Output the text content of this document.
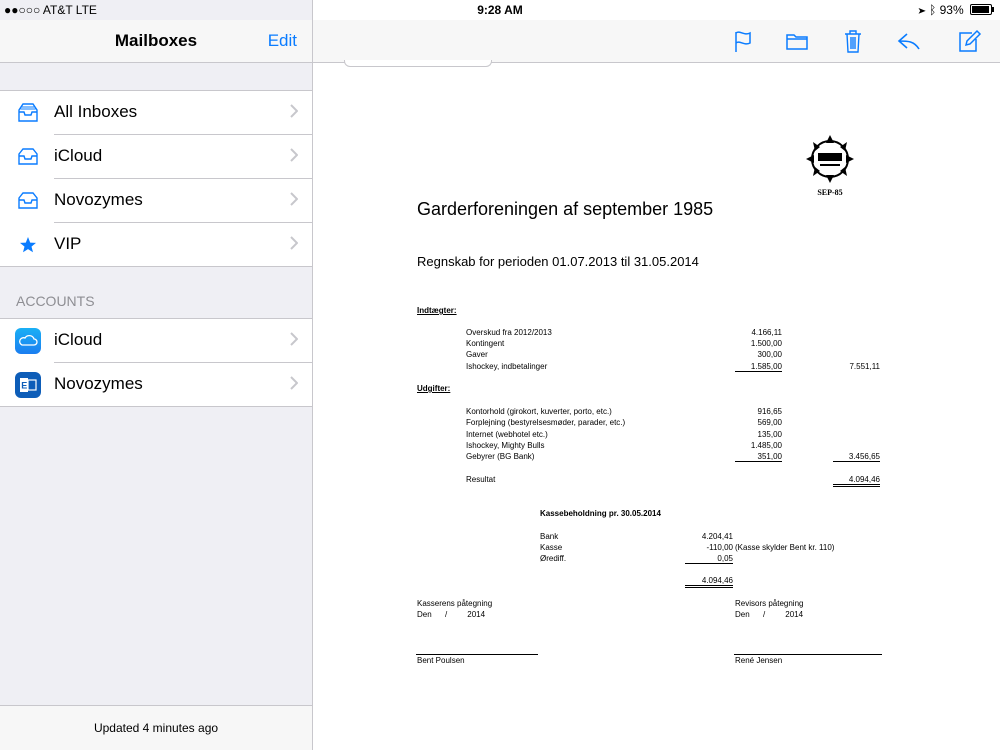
●●○○○ AT&T LTE	9:28 AM	➤ ᛒ 93%
Mailboxes	Edit
All Inboxes
iCloud
Novozymes
VIP
ACCOUNTS
iCloud
E Novozymes
Updated 4 minutes ago
SEP-85
Garderforeningen af september 1985
Regnskab for perioden 01.07.2013 til 31.05.2014
Indtægter:
Overskud fra 2012/2013	4.166,11
Kontingent	1.500,00
Gaver	300,00
Ishockey, indbetalinger	1.585,00	7.551,11
Udgifter:
Kontorhold (girokort, kuverter, porto, etc.)	916,65
Forplejning (bestyrelsesmøder, parader, etc.)	569,00
Internet (webhotel etc.)	135,00
Ishockey, Mighty Bulls	1.485,00
Gebyrer (BG Bank)	351,00	3.456,65
Resultat	4.094,46
Kassebeholdning pr. 30.05.2014
Bank	4.204,41
Kasse	-110,00 (Kasse skylder Bent kr. 110)
Ørediff.	0,05
4.094,46
Kasserens påtegning
Den      /         2014
Bent Poulsen
Revisors påtegning
Den      /         2014
René Jensen
